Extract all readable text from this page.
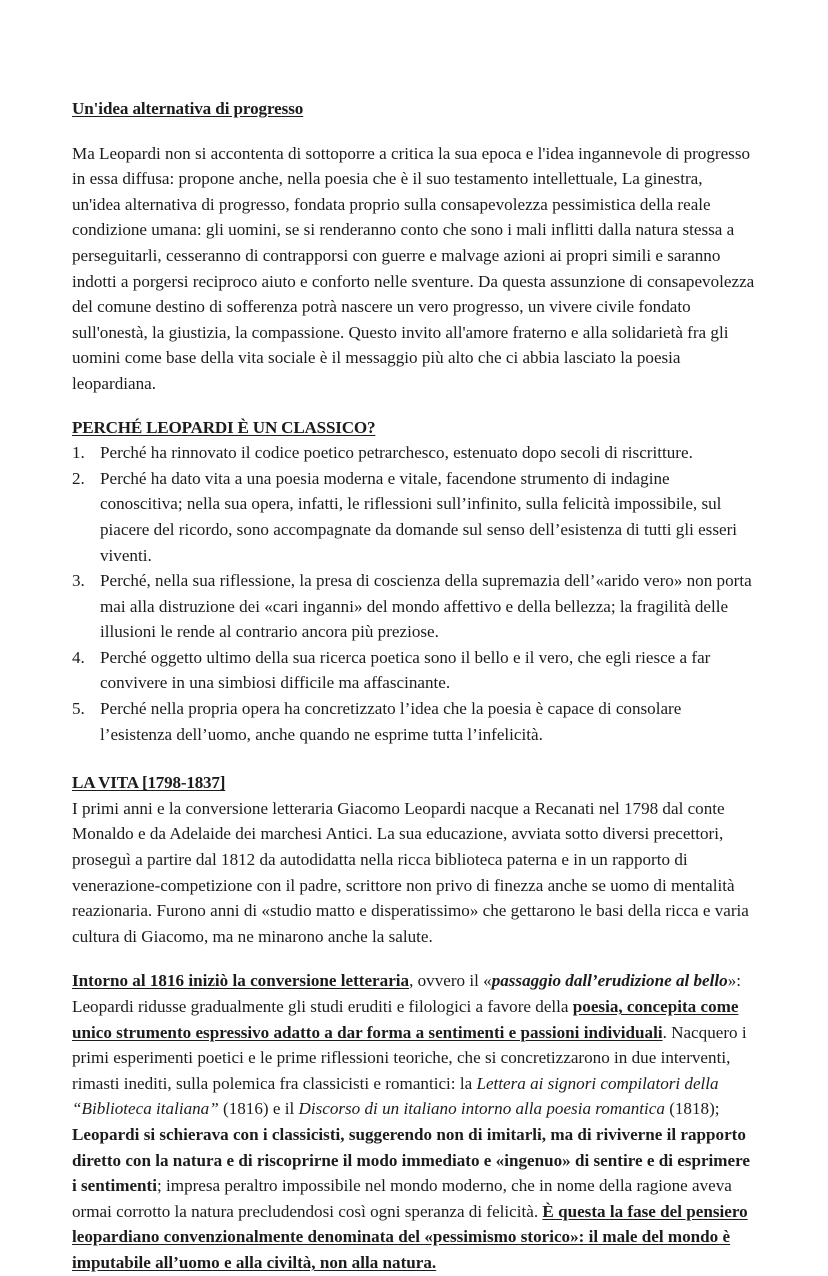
Un'idea alternativa di progresso

Ma Leopardi non si accontenta di sottoporre a critica la sua epoca e l'idea ingannevole di progresso in essa diffusa: propone anche, nella poesia che è il suo testamento intellettuale, La ginestra, un'idea alternativa di progresso, fondata proprio sulla consapevolezza pessimistica della reale condizione umana: gli uomini, se si renderanno conto che sono i mali inflitti dalla natura stessa a perseguitarli, cesseranno di contrapporsi con guerre e malvage azioni ai propri simili e saranno indotti a porgersi reciproco aiuto e conforto nelle sventure. Da questa assunzione di consapevolezza del comune destino di sofferenza potrà nascere un vero progresso, un vivere civile fondato sull'onestà, la giustizia, la compassione. Questo invito all'amore fraterno e alla solidarietà fra gli uomini come base della vita sociale è il messaggio più alto che ci abbia lasciato la poesia leopardiana.

PERCHÉ LEOPARDI È UN CLASSICO?
Perché ha rinnovato il codice poetico petrarchesco, estenuato dopo secoli di riscritture.
Perché ha dato vita a una poesia moderna e vitale, facendone strumento di indagine conoscitiva; nella sua opera, infatti, le riflessioni sull’infinito, sulla felicità impossibile, sul piacere del ricordo, sono accompagnate da domande sul senso dell’esistenza di tutti gli esseri viventi.
Perché, nella sua riflessione, la presa di coscienza della supremazia dell’«arido vero» non porta mai alla distruzione dei «cari inganni» del mondo affettivo e della bellezza; la fragilità delle illusioni le rende al contrario ancora più preziose.
Perché oggetto ultimo della sua ricerca poetica sono il bello e il vero, che egli riesce a far convivere in una simbiosi difficile ma affascinante.
Perché nella propria opera ha concretizzato l’idea che la poesia è capace di consolare l’esistenza dell’uomo, anche quando ne esprime tutta l’infelicità.
LA VITA [1798-1837]

I primi anni e la conversione letteraria Giacomo Leopardi nacque a Recanati nel 1798 dal conte Monaldo e da Adelaide dei marchesi Antici. La sua educazione, avviata sotto diversi precettori, proseguì a partire dal 1812 da autodidatta nella ricca biblioteca paterna e in un rapporto di venerazione-competizione con il padre, scrittore non privo di finezza anche se uomo di mentalità reazionaria. Furono anni di «studio matto e disperatissimo» che gettarono le basi della ricca e varia cultura di Giacomo, ma ne minarono anche la salute.

Intorno al 1816 iniziò la conversione letteraria, ovvero il «passaggio dall’erudizione al bello»: Leopardi ridusse gradualmente gli studi eruditi e filologici a favore della poesia, concepita come unico strumento espressivo adatto a dar forma a sentimenti e passioni individuali. Nacquero i primi esperimenti poetici e le prime riflessioni teoriche, che si concretizzarono in due interventi, rimasti inediti, sulla polemica fra classicisti e romantici: la Lettera ai signori compilatori della “Biblioteca italiana” (1816) e il Discorso di un italiano intorno alla poesia romantica (1818); Leopardi si schierava con i classicisti, suggerendo non di imitarli, ma di riviverne il rapporto diretto con la natura e di riscoprirne il modo immediato e «ingenuo» di sentire e di esprimere i sentimenti; impresa peraltro impossibile nel mondo moderno, che in nome della ragione aveva ormai corrotto la natura precludendosi così ogni speranza di felicità. È questa la fase del pensiero leopardiano convenzionalmente denominata del «pessimismo storico»: il male del mondo è imputabile all’uomo e alla civiltà, non alla natura.
